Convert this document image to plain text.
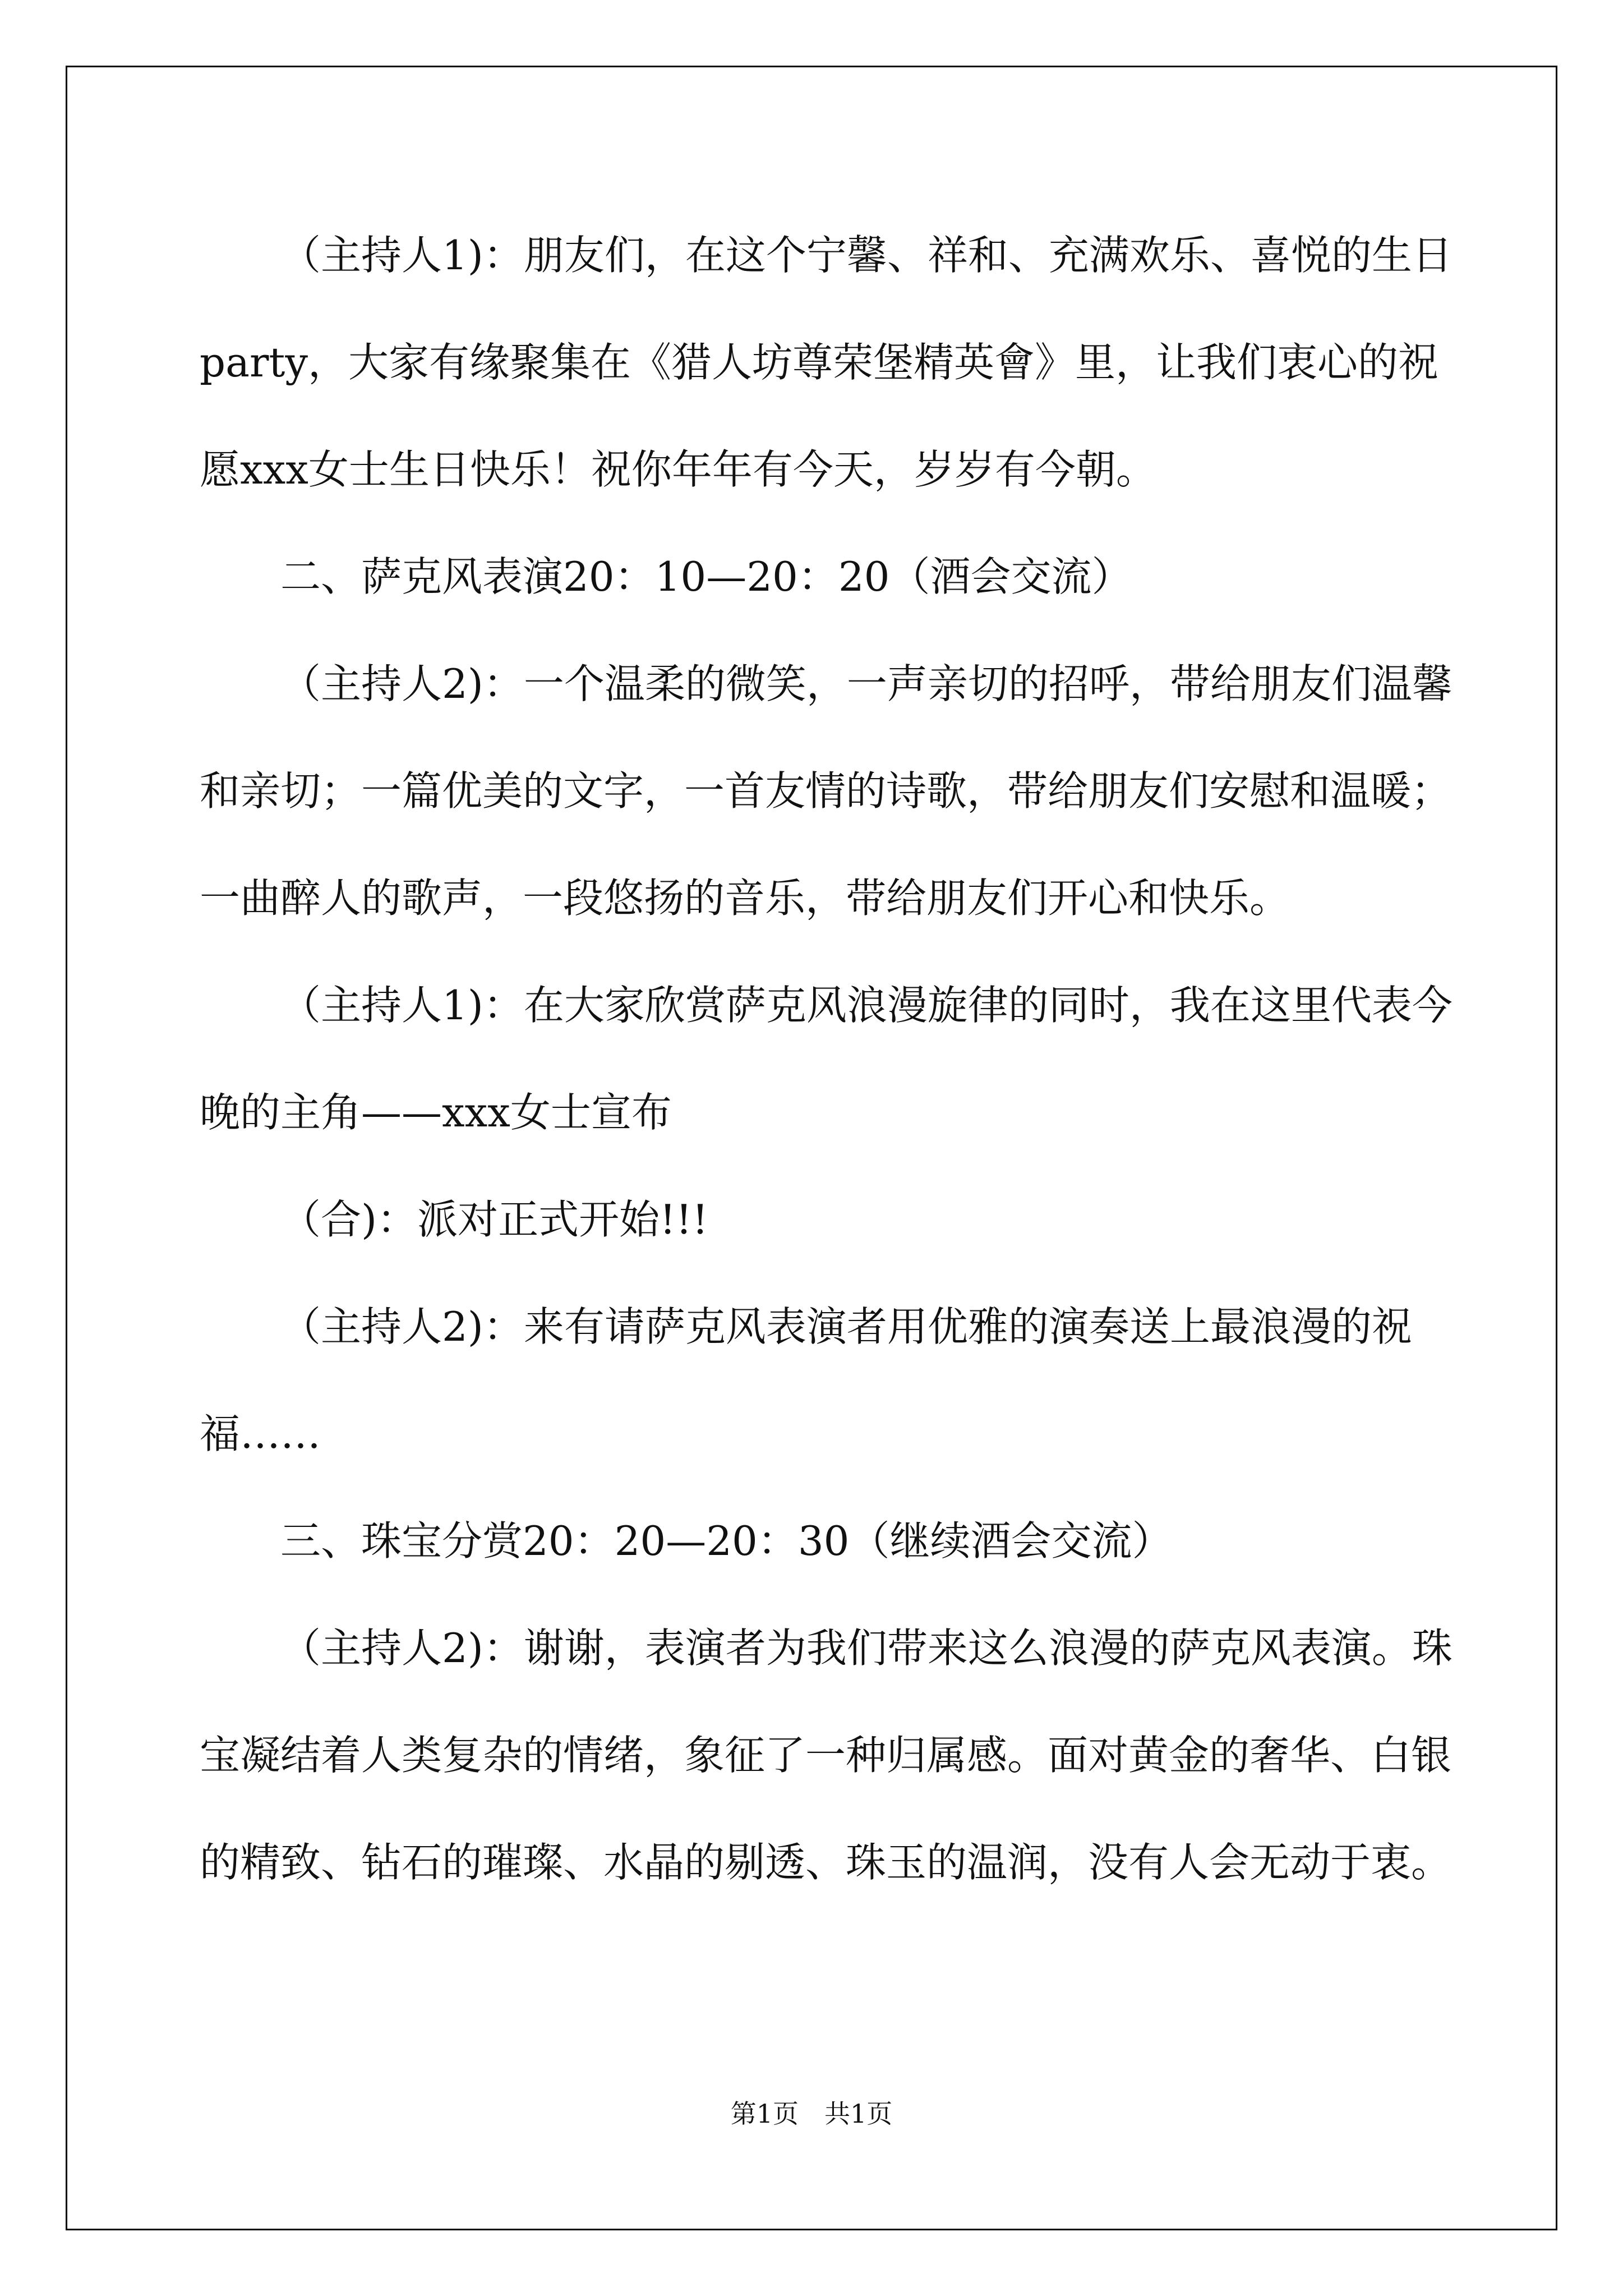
（主持人1)：朋友们，在这个宁馨、祥和、充满欢乐、喜悦的生日party，大家有缘聚集在《猎人坊尊荣堡精英會》里，让我们衷心的祝愿xxx女士生日快乐！祝你年年有今天，岁岁有今朝。

二、萨克风表演20：10—20：20（酒会交流）

（主持人2)：一个温柔的微笑，一声亲切的招呼，带给朋友们温馨和亲切；一篇优美的文字，一首友情的诗歌，带给朋友们安慰和温暖；一曲醉人的歌声，一段悠扬的音乐，带给朋友们开心和快乐。

（主持人1)：在大家欣赏萨克风浪漫旋律的同时，我在这里代表今晚的主角——xxx女士宣布

（合)：派对正式开始!!!

（主持人2)：来有请萨克风表演者用优雅的演奏送上最浪漫的祝福……

三、珠宝分赏20：20—20：30（继续酒会交流）

（主持人2)：谢谢，表演者为我们带来这么浪漫的萨克风表演。珠宝凝结着人类复杂的情绪，象征了一种归属感。面对黄金的奢华、白银的精致、钻石的璀璨、水晶的剔透、珠玉的温润，没有人会无动于衷。

第1页　共1页
